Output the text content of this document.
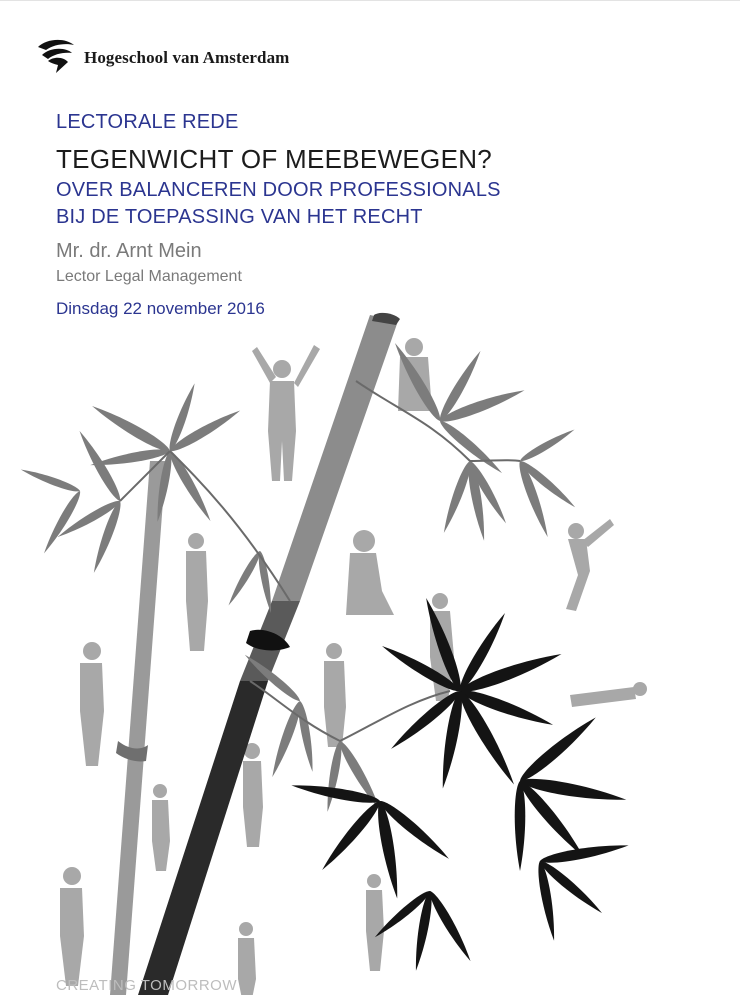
Hogeschool van Amsterdam
LECTORALE REDE
TEGENWICHT OF MEEBEWEGEN?
OVER BALANCEREN DOOR PROFESSIONALS
BIJ DE TOEPASSING VAN HET RECHT
Mr. dr. Arnt Mein
Lector Legal Management
Dinsdag 22 november 2016
CREATING TOMORROW
